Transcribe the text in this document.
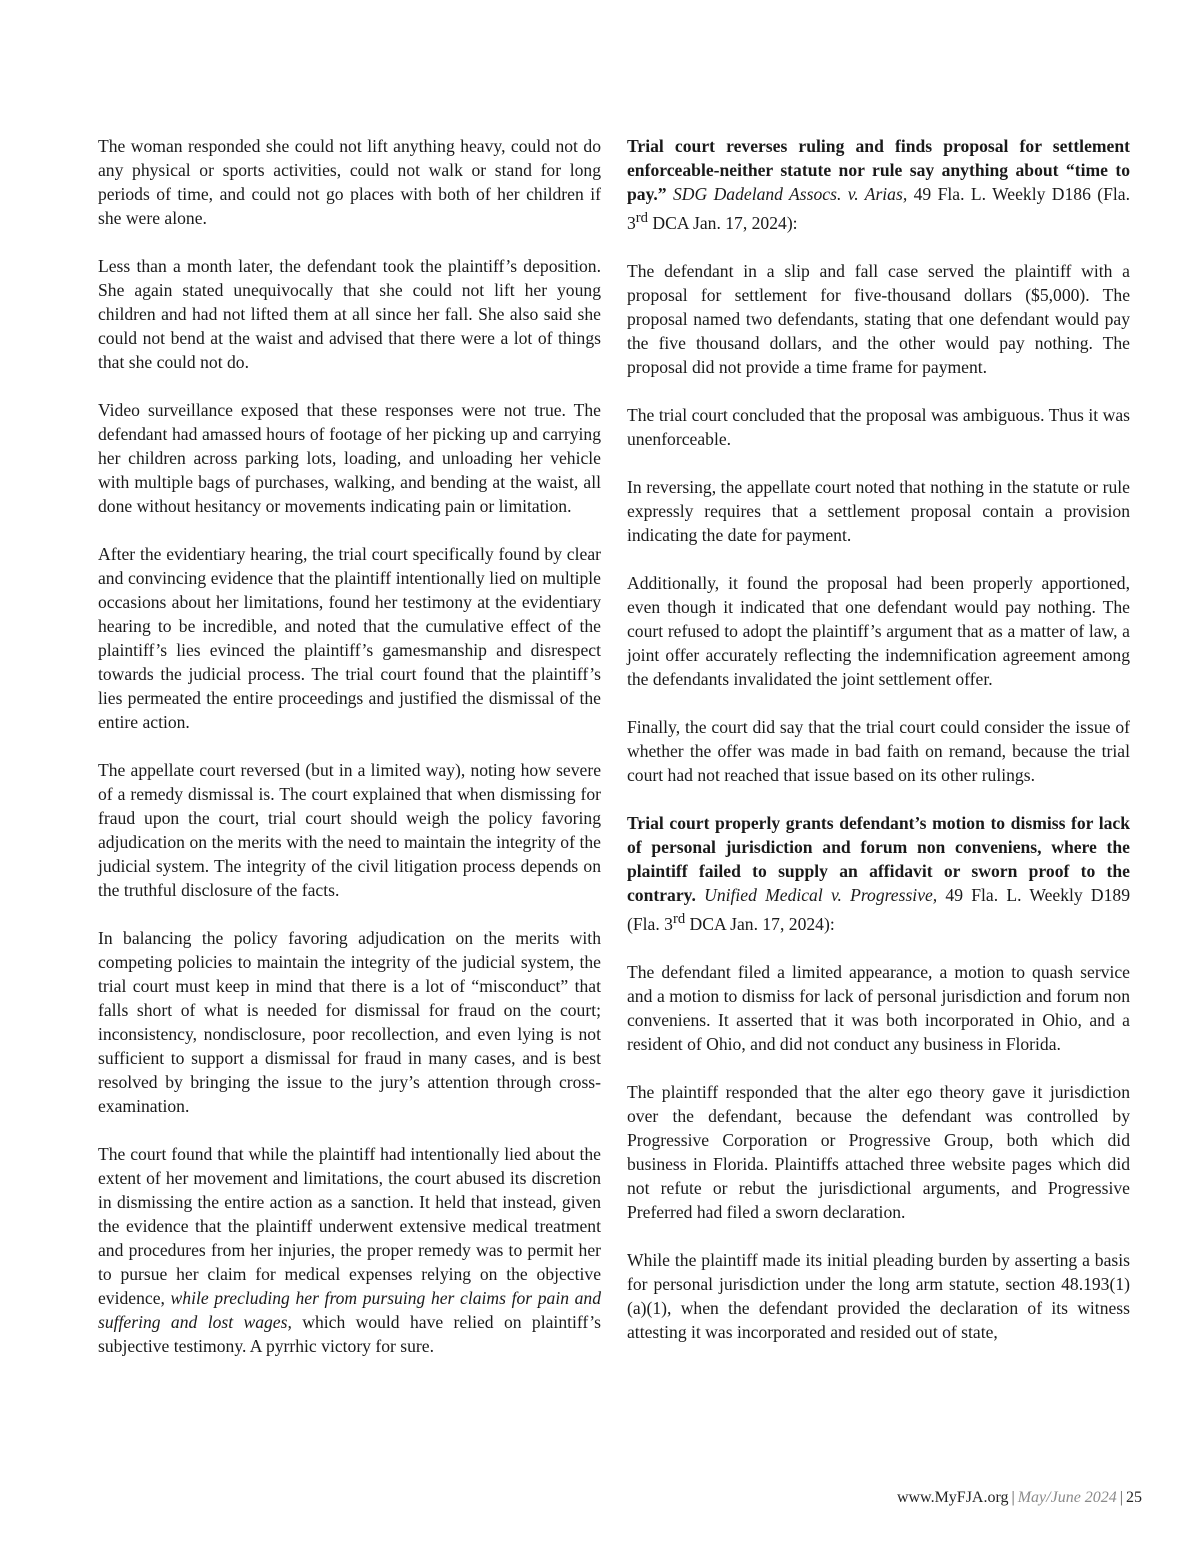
The woman responded she could not lift anything heavy, could not do any physical or sports activities, could not walk or stand for long periods of time, and could not go places with both of her children if she were alone.

Less than a month later, the defendant took the plaintiff’s deposition. She again stated unequivocally that she could not lift her young children and had not lifted them at all since her fall. She also said she could not bend at the waist and advised that there were a lot of things that she could not do.

Video surveillance exposed that these responses were not true. The defendant had amassed hours of footage of her picking up and carrying her children across parking lots, loading, and unloading her vehicle with multiple bags of purchases, walking, and bending at the waist, all done without hesitancy or movements indicating pain or limitation.

After the evidentiary hearing, the trial court specifically found by clear and convincing evidence that the plaintiff intentionally lied on multiple occasions about her limitations, found her testimony at the evidentiary hearing to be incredible, and noted that the cumulative effect of the plaintiff’s lies evinced the plaintiff’s gamesmanship and disrespect towards the judicial process. The trial court found that the plaintiff’s lies permeated the entire proceedings and justified the dismissal of the entire action.

The appellate court reversed (but in a limited way), noting how severe of a remedy dismissal is. The court explained that when dismissing for fraud upon the court, trial court should weigh the policy favoring adjudication on the merits with the need to maintain the integrity of the judicial system. The integrity of the civil litigation process depends on the truthful disclosure of the facts.

In balancing the policy favoring adjudication on the merits with competing policies to maintain the integrity of the judicial system, the trial court must keep in mind that there is a lot of “misconduct” that falls short of what is needed for dismissal for fraud on the court; inconsistency, nondisclosure, poor recollection, and even lying is not sufficient to support a dismissal for fraud in many cases, and is best resolved by bringing the issue to the jury’s attention through cross-examination.

The court found that while the plaintiff had intentionally lied about the extent of her movement and limitations, the court abused its discretion in dismissing the entire action as a sanction. It held that instead, given the evidence that the plaintiff underwent extensive medical treatment and procedures from her injuries, the proper remedy was to permit her to pursue her claim for medical expenses relying on the objective evidence, while precluding her from pursuing her claims for pain and suffering and lost wages, which would have relied on plaintiff’s subjective testimony. A pyrrhic victory for sure.

Trial court reverses ruling and finds proposal for settlement enforceable-neither statute nor rule say anything about “time to pay.” SDG Dadeland Assocs. v. Arias, 49 Fla. L. Weekly D186 (Fla. 3rd DCA Jan. 17, 2024):

The defendant in a slip and fall case served the plaintiff with a proposal for settlement for five-thousand dollars ($5,000). The proposal named two defendants, stating that one defendant would pay the five thousand dollars, and the other would pay nothing. The proposal did not provide a time frame for payment.

The trial court concluded that the proposal was ambiguous. Thus it was unenforceable.

In reversing, the appellate court noted that nothing in the statute or rule expressly requires that a settlement proposal contain a provision indicating the date for payment.

Additionally, it found the proposal had been properly apportioned, even though it indicated that one defendant would pay nothing. The court refused to adopt the plaintiff’s argument that as a matter of law, a joint offer accurately reflecting the indemnification agreement among the defendants invalidated the joint settlement offer.

Finally, the court did say that the trial court could consider the issue of whether the offer was made in bad faith on remand, because the trial court had not reached that issue based on its other rulings.

Trial court properly grants defendant’s motion to dismiss for lack of personal jurisdiction and forum non conveniens, where the plaintiff failed to supply an affidavit or sworn proof to the contrary. Unified Medical v. Progressive, 49 Fla. L. Weekly D189 (Fla. 3rd DCA Jan. 17, 2024):

The defendant filed a limited appearance, a motion to quash service and a motion to dismiss for lack of personal jurisdiction and forum non conveniens. It asserted that it was both incorporated in Ohio, and a resident of Ohio, and did not conduct any business in Florida.

The plaintiff responded that the alter ego theory gave it jurisdiction over the defendant, because the defendant was controlled by Progressive Corporation or Progressive Group, both which did business in Florida. Plaintiffs attached three website pages which did not refute or rebut the jurisdictional arguments, and Progressive Preferred had filed a sworn declaration.

While the plaintiff made its initial pleading burden by asserting a basis for personal jurisdiction under the long arm statute, section 48.193(1)(a)(1), when the defendant provided the declaration of its witness attesting it was incorporated and resided out of state,

www.MyFJA.org | May/June 2024 | 25
